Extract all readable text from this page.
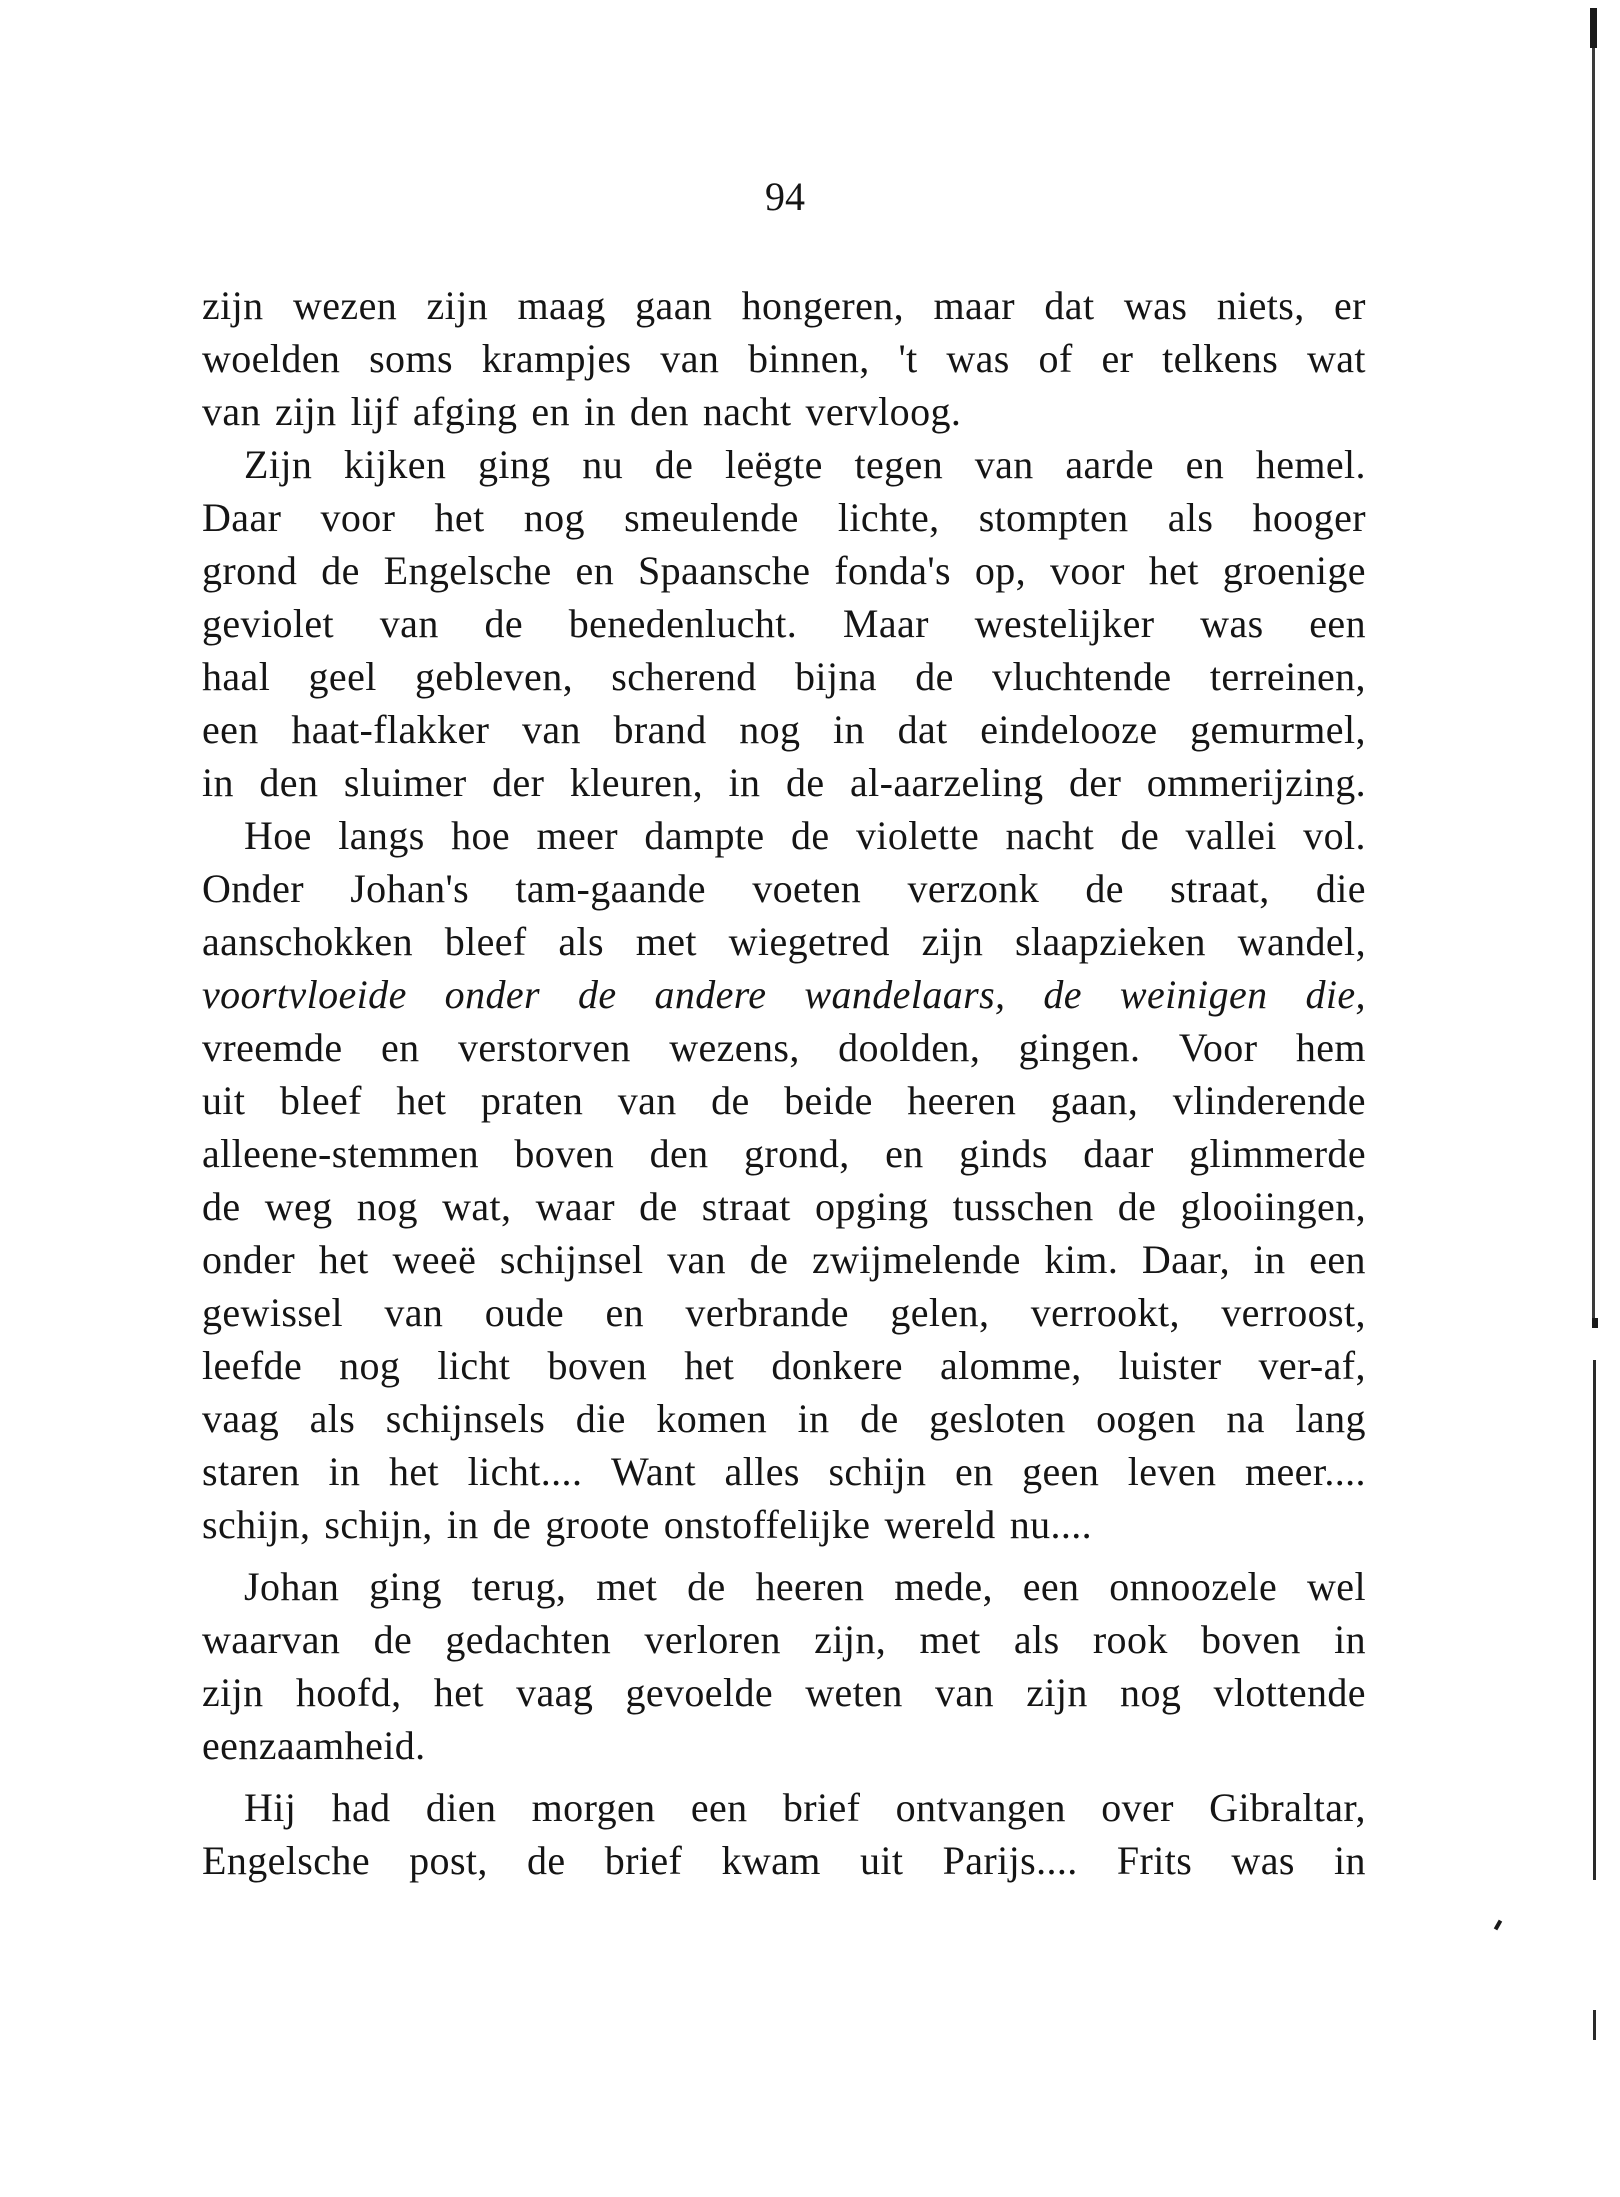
94
zijn wezen zijn maag gaan hongeren, maar dat was niets, er
woelden soms krampjes van binnen, 't was of er telkens wat
van zijn lijf afging en in den nacht vervloog.
Zijn kijken ging nu de leëgte tegen van aarde en hemel.
Daar voor het nog smeulende lichte, stompten als hooger
grond de Engelsche en Spaansche fonda's op, voor het groenige
geviolet van de benedenlucht. Maar westelijker was een
haal geel gebleven, scherend bijna de vluchtende terreinen,
een haat-flakker van brand nog in dat eindelooze gemurmel,
in den sluimer der kleuren, in de al-aarzeling der ommerijzing.
Hoe langs hoe meer dampte de violette nacht de vallei vol.
Onder Johan's tam-gaande voeten verzonk de straat, die
aanschokken bleef als met wiegetred zijn slaapzieken wandel,
voortvloeide onder de andere wandelaars, de weinigen die,
vreemde en verstorven wezens, doolden, gingen. Voor hem
uit bleef het praten van de beide heeren gaan, vlinderende
alleene-stemmen boven den grond, en ginds daar glimmerde
de weg nog wat, waar de straat opging tusschen de glooiingen,
onder het weeë schijnsel van de zwijmelende kim. Daar, in een
gewissel van oude en verbrande gelen, verrookt, verroost,
leefde nog licht boven het donkere alomme, luister ver-af,
vaag als schijnsels die komen in de gesloten oogen na lang
staren in het licht.... Want alles schijn en geen leven meer....
schijn, schijn, in de groote onstoffelijke wereld nu....
Johan ging terug, met de heeren mede, een onnoozele wel
waarvan de gedachten verloren zijn, met als rook boven in
zijn hoofd, het vaag gevoelde weten van zijn nog vlottende
eenzaamheid.
Hij had dien morgen een brief ontvangen over Gibraltar,
Engelsche post, de brief kwam uit Parijs.... Frits was in
